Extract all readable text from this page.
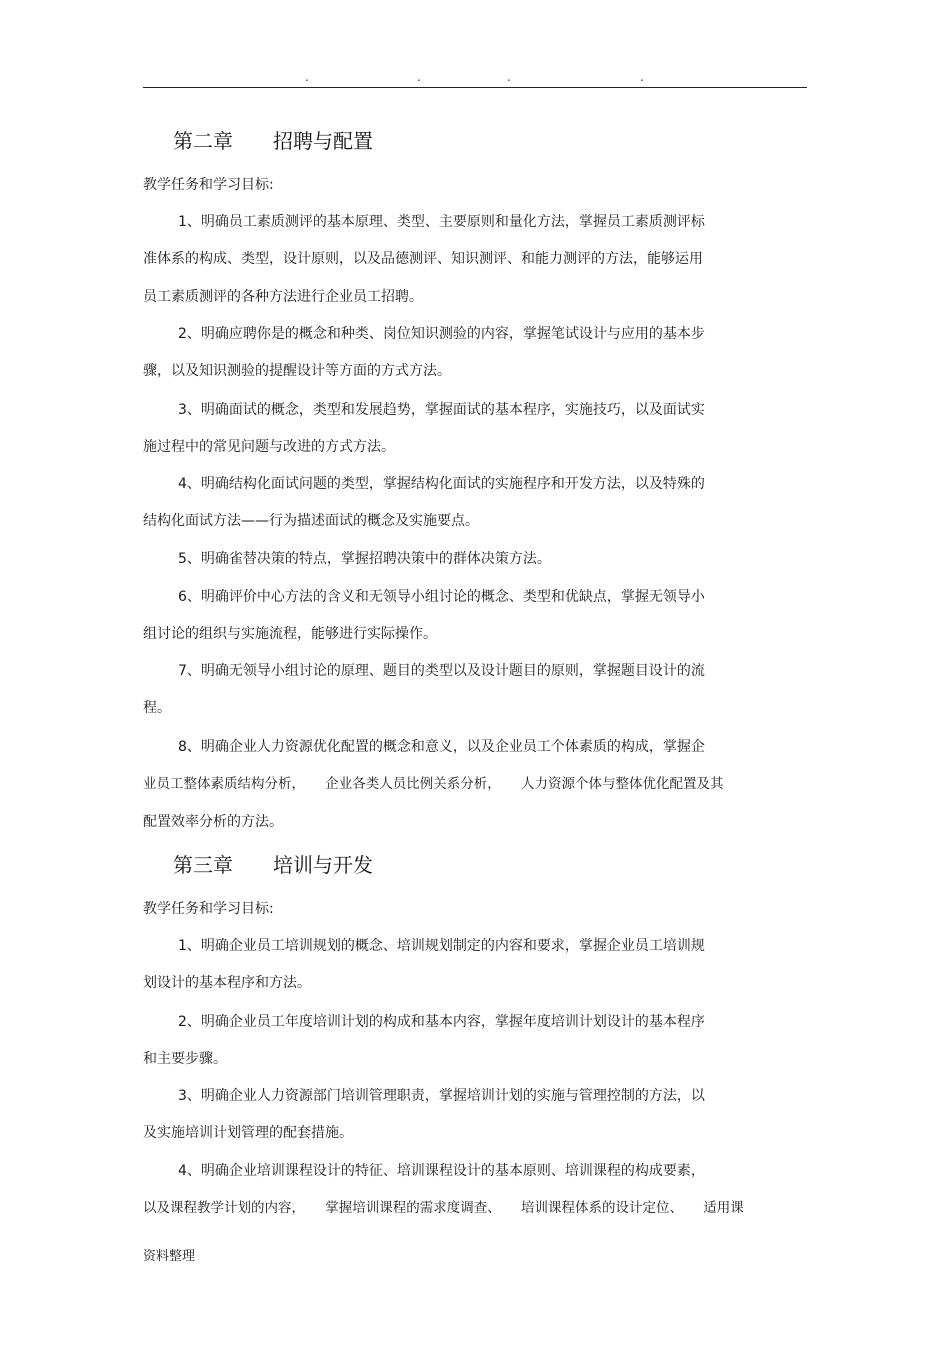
.	.	.	.
第二章　　招聘与配置
教学任务和学习目标:
1、明确员工素质测评的基本原理、类型、主要原则和量化方法，掌握员工素质测评标
准体系的构成、类型，设计原则，以及品德测评、知识测评、和能力测评的方法，能够运用
员工素质测评的各种方法进行企业员工招聘。
2、明确应聘你是的概念和种类、岗位知识测验的内容，掌握笔试设计与应用的基本步
骤，以及知识测验的提醒设计等方面的方式方法。
3、明确面试的概念，类型和发展趋势，掌握面试的基本程序，实施技巧，以及面试实
施过程中的常见问题与改进的方式方法。
4、明确结构化面试问题的类型，掌握结构化面试的实施程序和开发方法，以及特殊的
结构化面试方法——行为描述面试的概念及实施要点。
5、明确雀替决策的特点，掌握招聘决策中的群体决策方法。
6、明确评价中心方法的含义和无领导小组讨论的概念、类型和优缺点，掌握无领导小
组讨论的组织与实施流程，能够进行实际操作。
7、明确无领导小组讨论的原理、题目的类型以及设计题目的原则，掌握题目设计的流
程。
8、明确企业人力资源优化配置的概念和意义，以及企业员工个体素质的构成，掌握企
业员工整体素质结构分析，　　企业各类人员比例关系分析，　　人力资源个体与整体优化配置及其
配置效率分析的方法。
第三章　　培训与开发
教学任务和学习目标:
1、明确企业员工培训规划的概念、培训规划制定的内容和要求，掌握企业员工培训规
划设计的基本程序和方法。
2、明确企业员工年度培训计划的构成和基本内容，掌握年度培训计划设计的基本程序
和主要步骤。
3、明确企业人力资源部门培训管理职责，掌握培训计划的实施与管理控制的方法，以
及实施培训计划管理的配套措施。
4、明确企业培训课程设计的特征、培训课程设计的基本原则、培训课程的构成要素，
以及课程教学计划的内容，　　掌握培训课程的需求度调查、　　培训课程体系的设计定位、　　适用课
资料整理
